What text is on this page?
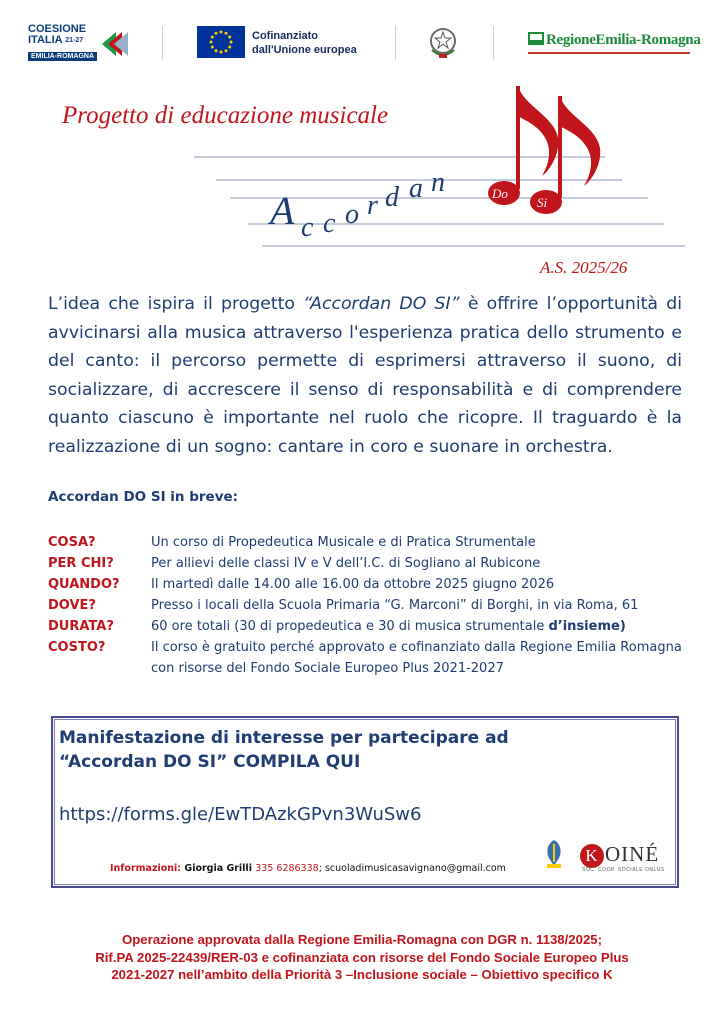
COESIONE
ITALIA $^{21-27}$
EMILIA-ROMAGNA
Cofinanziato
dall'Unione europea
RegioneEmilia-Romagna
Progetto di educazione musicale
A c c o r d a n	Do
Si
A.S. 2025/26
L’idea che ispira il progetto “Accordan DO SI” è offrire l’opportunità di avvicinarsi alla musica attraverso l'esperienza pratica dello strumento e del canto: il percorso permette di esprimersi attraverso il suono, di socializzare, di accrescere il senso di responsabilità e di comprendere quanto ciascuno è importante nel ruolo che ricopre. Il traguardo è la realizzazione di un sogno: cantare in coro e suonare in orchestra.
Accordan DO SI in breve:
COSA?	Un corso di Propedeutica Musicale e di Pratica Strumentale
PER CHI?	Per allievi delle classi IV e V dell’I.C. di Sogliano al Rubicone
QUANDO?	Il martedì dalle 14.00 alle 16.00 da ottobre 2025 giugno 2026
DOVE?	Presso i locali della Scuola Primaria “G. Marconi” di Borghi, in via Roma, 61
DURATA?	60 ore totali (30 di propedeutica e 30 di musica strumentale d’insieme)
COSTO?	Il corso è gratuito perché approvato e cofinanziato dalla Regione Emilia Romagna con risorse del Fondo Sociale Europeo Plus 2021-2027
Manifestazione di interesse per partecipare ad
“Accordan DO SI” COMPILA QUI
https://forms.gle/EwTDAzkGPvn3WuSw6
Informazioni: Giorgia Grilli 335 6286338; scuoladimusicasavignano@gmail.com
K OINÉ
SOC. COOP. SOCIALE ONLUS
Operazione approvata dalla Regione Emilia-Romagna con DGR n. 1138/2025;
Rif.PA 2025-22439/RER-03 e cofinanziata con risorse del Fondo Sociale Europeo Plus
2021-2027 nell’ambito della Priorità 3 –Inclusione sociale – Obiettivo specifico K
